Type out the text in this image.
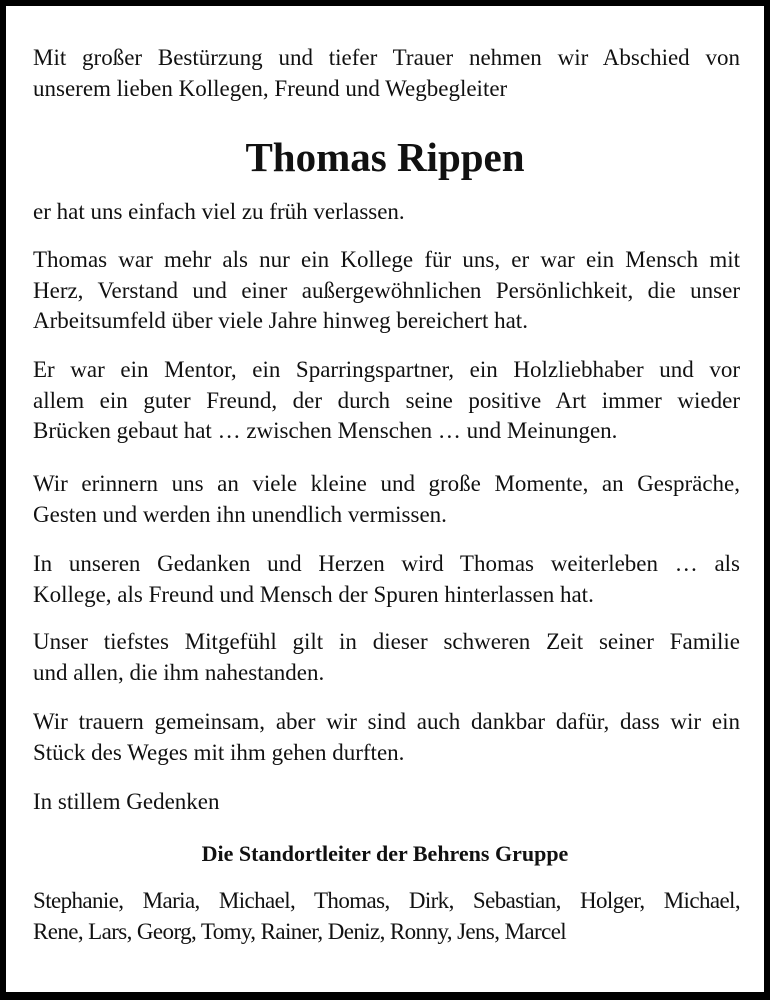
Mit großer Bestürzung und tiefer Trauer nehmen wir Abschied von
unserem lieben Kollegen, Freund und Wegbegleiter
Thomas Rippen
er hat uns einfach viel zu früh verlassen.
Thomas war mehr als nur ein Kollege für uns, er war ein Mensch mit
Herz, Verstand und einer außergewöhnlichen Persönlichkeit, die unser
Arbeitsumfeld über viele Jahre hinweg bereichert hat.
Er war ein Mentor, ein Sparringspartner, ein Holzliebhaber und vor
allem ein guter Freund, der durch seine positive Art immer wieder
Brücken gebaut hat … zwischen Menschen … und Meinungen.
Wir erinnern uns an viele kleine und große Momente, an Gespräche,
Gesten und werden ihn unendlich vermissen.
In unseren Gedanken und Herzen wird Thomas weiterleben … als
Kollege, als Freund und Mensch der Spuren hinterlassen hat.
Unser tiefstes Mitgefühl gilt in dieser schweren Zeit seiner Familie
und allen, die ihm nahestanden.
Wir trauern gemeinsam, aber wir sind auch dankbar dafür, dass wir ein
Stück des Weges mit ihm gehen durften.
In stillem Gedenken
Die Standortleiter der Behrens Gruppe
Stephanie, Maria, Michael, Thomas, Dirk, Sebastian, Holger, Michael,
Rene, Lars, Georg, Tomy, Rainer, Deniz, Ronny, Jens, Marcel
